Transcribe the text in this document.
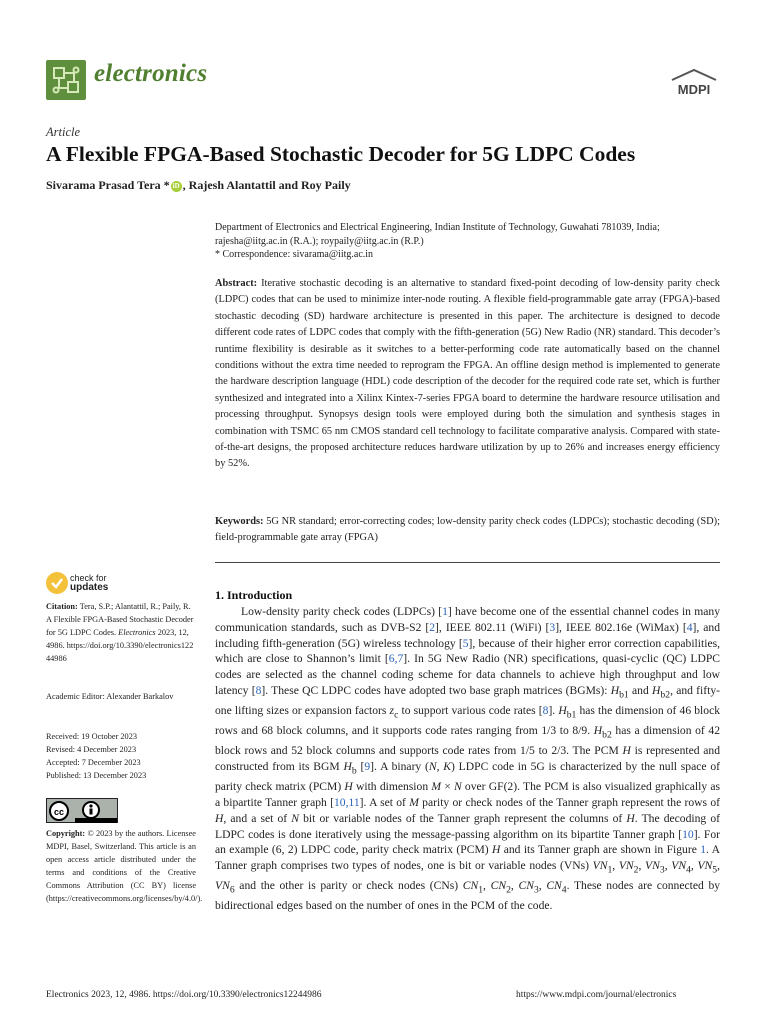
electronics
MDPI
Article
A Flexible FPGA-Based Stochastic Decoder for 5G LDPC Codes
Sivarama Prasad Tera * iD , Rajesh Alantattil and Roy Paily
Department of Electronics and Electrical Engineering, Indian Institute of Technology, Guwahati 781039, India;
rajesha@iitg.ac.in (R.A.); roypaily@iitg.ac.in (R.P.)
* Correspondence: sivarama@iitg.ac.in
Abstract: Iterative stochastic decoding is an alternative to standard fixed-point decoding of low-density parity check (LDPC) codes that can be used to minimize inter-node routing. A flexible field-programmable gate array (FPGA)-based stochastic decoding (SD) hardware architecture is presented in this paper. The architecture is designed to decode different code rates of LDPC codes that comply with the fifth-generation (5G) New Radio (NR) standard. This decoder’s runtime flexibility is desirable as it switches to a better-performing code rate automatically based on the channel conditions without the extra time needed to reprogram the FPGA. An offline design method is implemented to generate the hardware description language (HDL) code description of the decoder for the required code rate set, which is further synthesized and integrated into a Xilinx Kintex-7-series FPGA board to determine the hardware resource utilisation and processing throughput. Synopsys design tools were employed during both the simulation and synthesis stages in combination with TSMC 65 nm CMOS standard cell technology to facilitate comparative analysis. Compared with state-of-the-art designs, the proposed architecture reduces hardware utilization by up to 26% and increases energy efficiency by 52%.
Keywords: 5G NR standard; error-correcting codes; low-density parity check codes (LDPCs); stochastic decoding (SD); field-programmable gate array (FPGA)
check for
updates
Citation: Tera, S.P.; Alantattil, R.; Paily, R. A Flexible FPGA-Based Stochastic Decoder for 5G LDPC Codes. Electronics 2023, 12, 4986. https://doi.org/10.3390/electronics12244986
Academic Editor: Alexander Barkalov
Received: 19 October 2023
Revised: 4 December 2023
Accepted: 7 December 2023
Published: 13 December 2023
cc
Copyright: © 2023 by the authors. Licensee MDPI, Basel, Switzerland. This article is an open access article distributed under the terms and conditions of the Creative Commons Attribution (CC BY) license (https://creativecommons.org/licenses/by/4.0/).
1. Introduction
Low-density parity check codes (LDPCs) [1] have become one of the essential channel codes in many communication standards, such as DVB-S2 [2], IEEE 802.11 (WiFi) [3], IEEE 802.16e (WiMax) [4], and including fifth-generation (5G) wireless technology [5], because of their higher error correction capabilities, which are close to Shannon’s limit [6,7]. In 5G New Radio (NR) specifications, quasi-cyclic (QC) LDPC codes are selected as the channel coding scheme for data channels to achieve high throughput and low latency [8]. These QC LDPC codes have adopted two base graph matrices (BGMs): $H_{b1}$ and $H_{b2}$, and fifty-one lifting sizes or expansion factors $z_c$ to support various code rates [8]. $H_{b1}$ has the dimension of 46 block rows and 68 block columns, and it supports code rates ranging from 1/3 to 8/9. $H_{b2}$ has a dimension of 42 block rows and 52 block columns and supports code rates from 1/5 to 2/3. The PCM H is represented and constructed from its BGM $H_b$ [9]. A binary (N, K) LDPC code in 5G is characterized by the null space of parity check matrix (PCM) H with dimension M × N over GF(2). The PCM is also visualized graphically as a bipartite Tanner graph [10,11]. A set of M parity or check nodes of the Tanner graph represent the rows of H, and a set of N bit or variable nodes of the Tanner graph represent the columns of H. The decoding of LDPC codes is done iteratively using the message-passing algorithm on its bipartite Tanner graph [10]. For an example (6, 2) LDPC code, parity check matrix (PCM) H and its Tanner graph are shown in Figure 1. A Tanner graph comprises two types of nodes, one is bit or variable nodes (VNs) $VN_1$, $VN_2$, $VN_3$, $VN_4$, $VN_5$, $VN_6$ and the other is parity or check nodes (CNs) $CN_1$, $CN_2$, $CN_3$, $CN_4$. These nodes are connected by bidirectional edges based on the number of ones in the PCM of the code.
Electronics 2023, 12, 4986. https://doi.org/10.3390/electronics12244986	https://www.mdpi.com/journal/electronics
